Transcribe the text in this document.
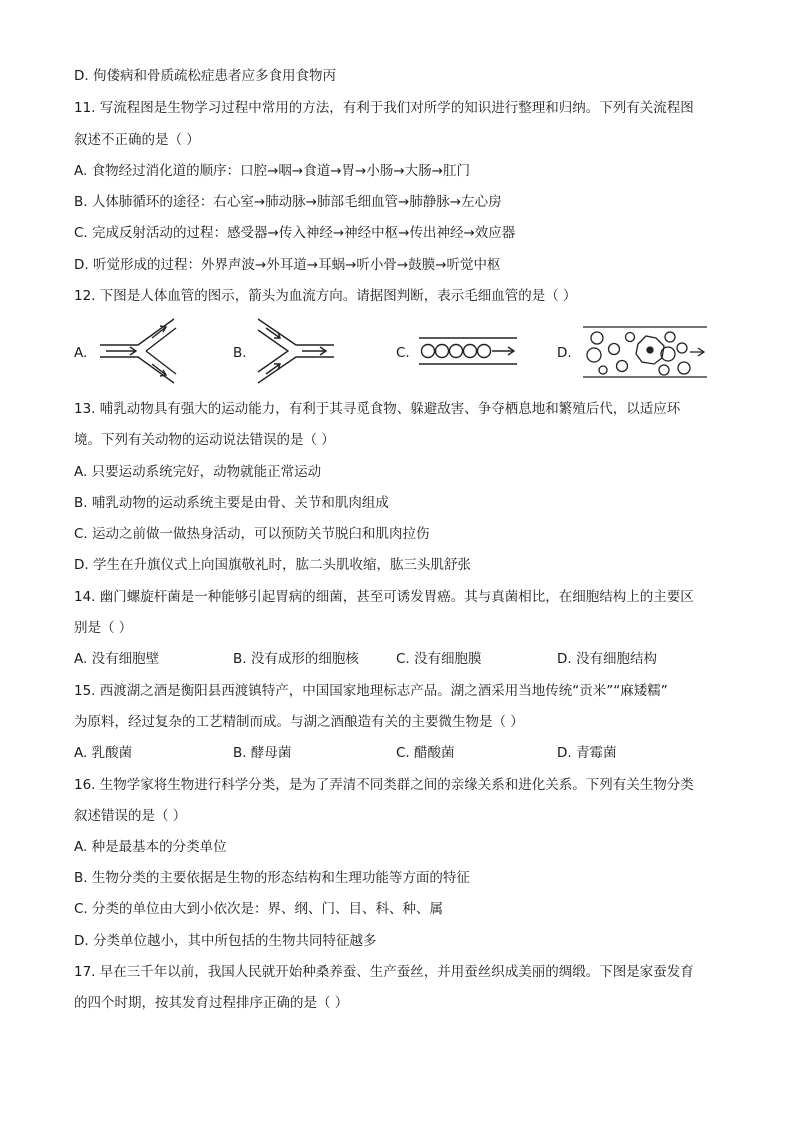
D. 佝偻病和骨质疏松症患者应多食用食物丙
11. 写流程图是生物学习过程中常用的方法，有利于我们对所学的知识进行整理和归纳。下列有关流程图
叙述不正确的是（ ）
A. 食物经过消化道的顺序：口腔→咽→食道→胃→小肠→大肠→肛门
B. 人体肺循环的途径：右心室→肺动脉→肺部毛细血管→肺静脉→左心房
C. 完成反射活动的过程：感受器→传入神经→神经中枢→传出神经→效应器
D. 听觉形成的过程：外界声波→外耳道→耳蜗→听小骨→鼓膜→听觉中枢
12. 下图是人体血管的图示，箭头为血流方向。请据图判断，表示毛细血管的是（ ）
A.	B.	C.	D.
13. 哺乳动物具有强大的运动能力，有利于其寻觅食物、躲避敌害、争夺栖息地和繁殖后代，以适应环
境。下列有关动物的运动说法错误的是（ ）
A. 只要运动系统完好，动物就能正常运动
B. 哺乳动物的运动系统主要是由骨、关节和肌肉组成
C. 运动之前做一做热身活动，可以预防关节脱臼和肌肉拉伤
D. 学生在升旗仪式上向国旗敬礼时，肱二头肌收缩，肱三头肌舒张
14. 幽门螺旋杆菌是一种能够引起胃病的细菌，甚至可诱发胃癌。其与真菌相比，在细胞结构上的主要区
别是（ ）
A. 没有细胞壁	B. 没有成形的细胞核	C. 没有细胞膜	D. 没有细胞结构
15. 西渡湖之酒是衡阳县西渡镇特产，中国国家地理标志产品。湖之酒采用当地传统“贡米”“麻矮糯”
为原料，经过复杂的工艺精制而成。与湖之酒酿造有关的主要微生物是（ ）
A. 乳酸菌	B. 酵母菌	C. 醋酸菌	D. 青霉菌
16. 生物学家将生物进行科学分类，是为了弄清不同类群之间的亲缘关系和进化关系。下列有关生物分类
叙述错误的是（ ）
A. 种是最基本的分类单位
B. 生物分类的主要依据是生物的形态结构和生理功能等方面的特征
C. 分类的单位由大到小依次是：界、纲、门、目、科、种、属
D. 分类单位越小，其中所包括的生物共同特征越多
17. 早在三千年以前，我国人民就开始种桑养蚕、生产蚕丝，并用蚕丝织成美丽的绸缎。下图是家蚕发育
的四个时期，按其发育过程排序正确的是（ ）
